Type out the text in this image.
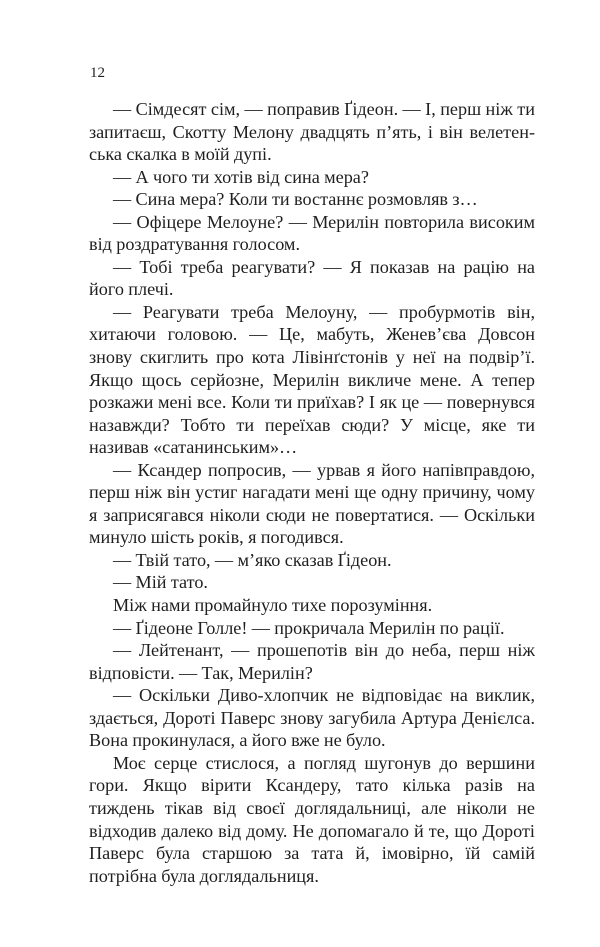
12

— Сімдесят сім, — поправив Ґідеон. — І, перш ніж ти запитаєш, Скотту Мелону двадцять п’ять, і він велетенська скалка в моїй дупі.

— А чого ти хотів від сина мера?

— Сина мера? Коли ти востаннє розмовляв з…

— Офіцере Мелоуне? — Мерилін повторила високим від роздратування голосом.

— Тобі треба реагувати? — Я показав на рацію на його плечі.

— Реагувати треба Мелоуну, — пробурмотів він, хитаючи головою. — Це, мабуть, Женев’єва Довсон знову скиглить про кота Лівінґстонів у неї на подвір’ї. Якщо щось серйозне, Мерилін викличе мене. А тепер розкажи мені все. Коли ти приїхав? І як це — повернувся назавжди? Тобто ти переїхав сюди? У місце, яке ти називав «сатанинським»…

— Ксандер попросив, — урвав я його напівправдою, перш ніж він устиг нагадати мені ще одну причину, чому я заприсягався ніколи сюди не повертатися. — Оскільки минуло шість років, я погодився.

— Твій тато, — м’яко сказав Ґідеон.

— Мій тато.

Між нами промайнуло тихе порозуміння.

— Ґідеоне Голле! — прокричала Мерилін по рації.

— Лейтенант, — прошепотів він до неба, перш ніж відповісти. — Так, Мерилін?

— Оскільки Диво-хлопчик не відповідає на виклик, здається, Дороті Паверс знову загубила Артура Денієлса. Вона прокинулася, а його вже не було.

Моє серце стислося, а погляд шугонув до вершини гори. Якщо вірити Ксандеру, тато кілька разів на тиждень тікав від своєї доглядальниці, але ніколи не відходив далеко від дому. Не допомагало й те, що Дороті Паверс була старшою за тата й, імовірно, їй самій потрібна була доглядальниця.
